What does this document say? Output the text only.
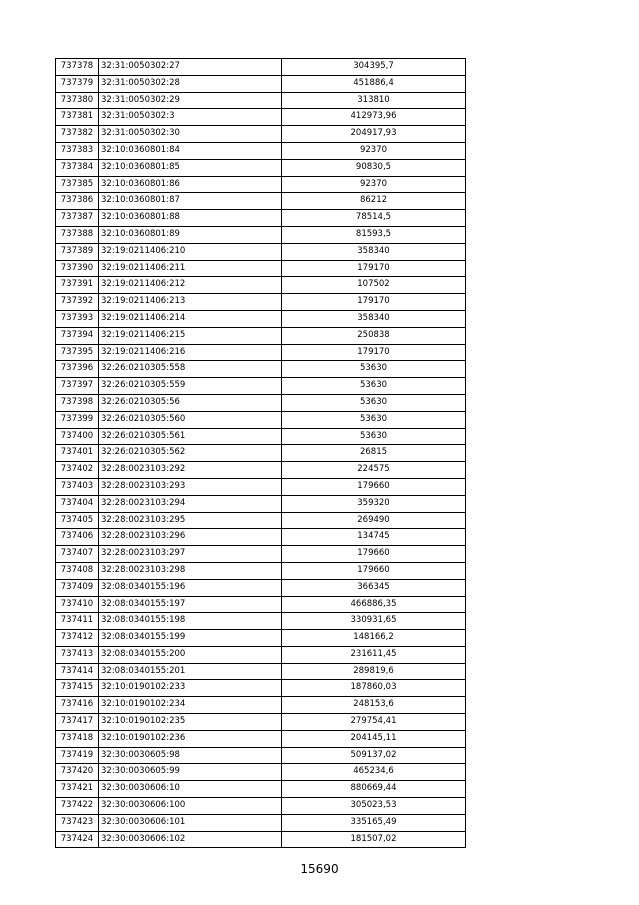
737378	32:31:0050302:27	304395,7
737379	32:31:0050302:28	451886,4
737380	32:31:0050302:29	313810
737381	32:31:0050302:3	412973,96
737382	32:31:0050302:30	204917,93
737383	32:10:0360801:84	92370
737384	32:10:0360801:85	90830,5
737385	32:10:0360801:86	92370
737386	32:10:0360801:87	86212
737387	32:10:0360801:88	78514,5
737388	32:10:0360801:89	81593,5
737389	32:19:0211406:210	358340
737390	32:19:0211406:211	179170
737391	32:19:0211406:212	107502
737392	32:19:0211406:213	179170
737393	32:19:0211406:214	358340
737394	32:19:0211406:215	250838
737395	32:19:0211406:216	179170
737396	32:26:0210305:558	53630
737397	32:26:0210305:559	53630
737398	32:26:0210305:56	53630
737399	32:26:0210305:560	53630
737400	32:26:0210305:561	53630
737401	32:26:0210305:562	26815
737402	32:28:0023103:292	224575
737403	32:28:0023103:293	179660
737404	32:28:0023103:294	359320
737405	32:28:0023103:295	269490
737406	32:28:0023103:296	134745
737407	32:28:0023103:297	179660
737408	32:28:0023103:298	179660
737409	32:08:0340155:196	366345
737410	32:08:0340155:197	466886,35
737411	32:08:0340155:198	330931,65
737412	32:08:0340155:199	148166,2
737413	32:08:0340155:200	231611,45
737414	32:08:0340155:201	289819,6
737415	32:10:0190102:233	187860,03
737416	32:10:0190102:234	248153,6
737417	32:10:0190102:235	279754,41
737418	32:10:0190102:236	204145,11
737419	32:30:0030605:98	509137,02
737420	32:30:0030605:99	465234,6
737421	32:30:0030606:10	880669,44
737422	32:30:0030606:100	305023,53
737423	32:30:0030606:101	335165,49
737424	32:30:0030606:102	181507,02
15690
